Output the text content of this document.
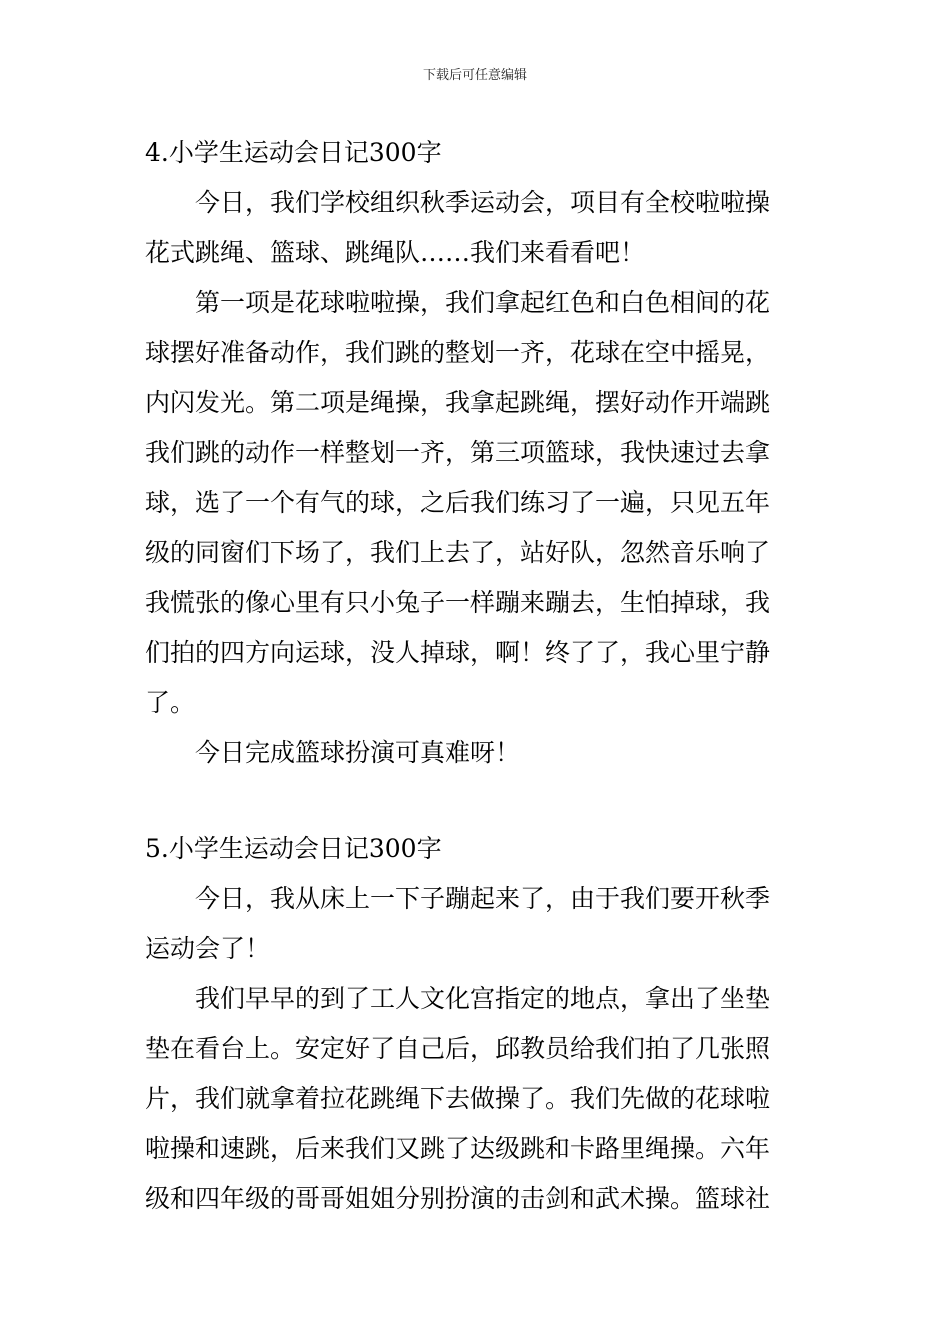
下载后可任意编辑
4.小学生运动会日记300字
今日，我们学校组织秋季运动会，项目有全校啦啦操
花式跳绳、篮球、跳绳队……我们来看看吧！
第一项是花球啦啦操，我们拿起红色和白色相间的花
球摆好准备动作，我们跳的整划一齐，花球在空中摇晃，
内闪发光。第二项是绳操，我拿起跳绳，摆好动作开端跳
我们跳的动作一样整划一齐，第三项篮球，我快速过去拿
球，选了一个有气的球，之后我们练习了一遍，只见五年
级的同窗们下场了，我们上去了，站好队，忽然音乐响了
我慌张的像心里有只小兔子一样蹦来蹦去，生怕掉球，我
们拍的四方向运球，没人掉球，啊！终了了，我心里宁静
了。
今日完成篮球扮演可真难呀！
5.小学生运动会日记300字
今日，我从床上一下子蹦起来了，由于我们要开秋季
运动会了！
我们早早的到了工人文化宫指定的地点，拿出了坐垫
垫在看台上。安定好了自己后，邱教员给我们拍了几张照
片，我们就拿着拉花跳绳下去做操了。我们先做的花球啦
啦操和速跳，后来我们又跳了达级跳和卡路里绳操。六年
级和四年级的哥哥姐姐分别扮演的击剑和武术操。篮球社
